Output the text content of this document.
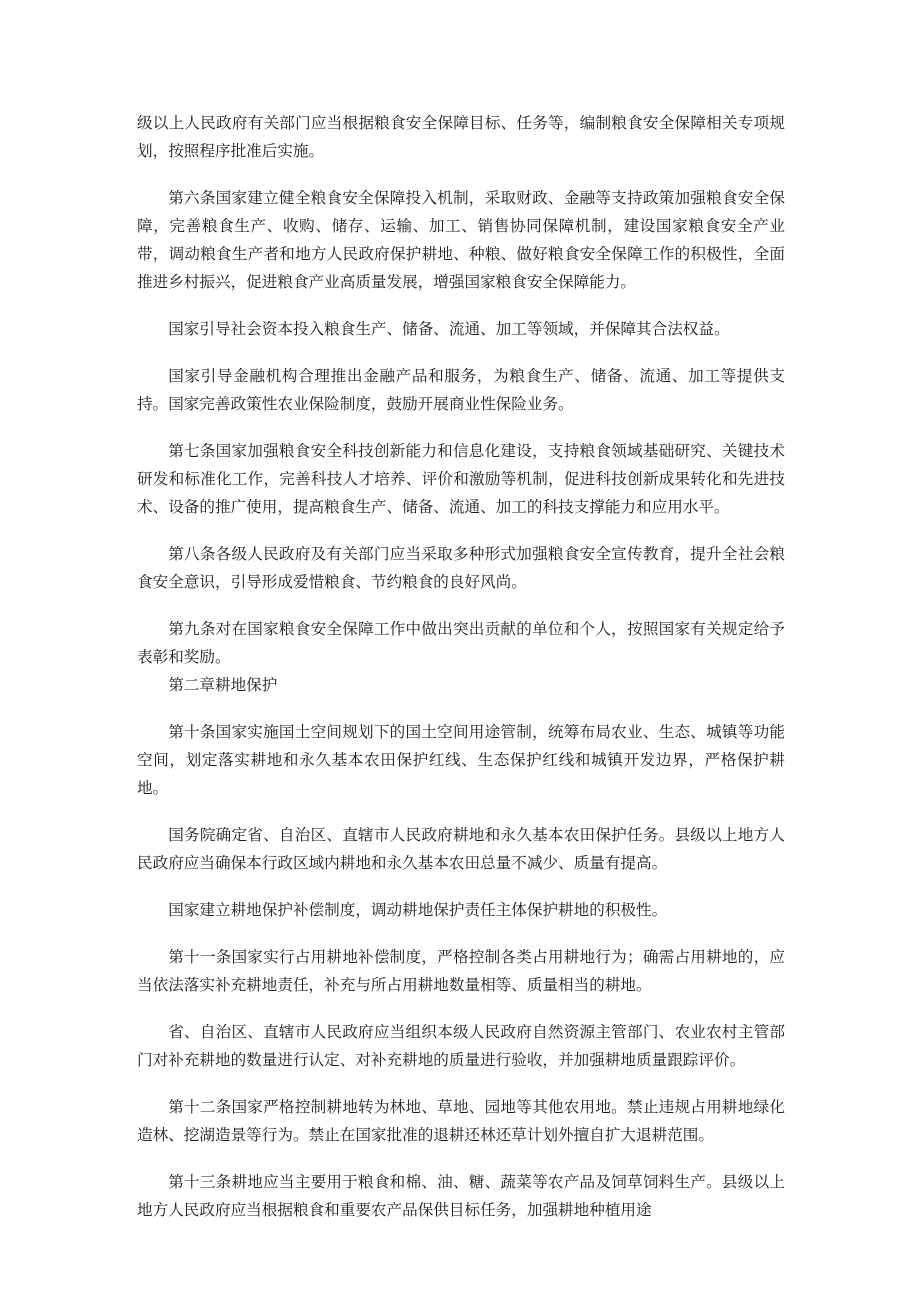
级以上人民政府有关部门应当根据粮食安全保障目标、任务等，编制粮食安全保障相关专项规划，按照程序批准后实施。

第六条国家建立健全粮食安全保障投入机制，采取财政、金融等支持政策加强粮食安全保障，完善粮食生产、收购、储存、运输、加工、销售协同保障机制，建设国家粮食安全产业带，调动粮食生产者和地方人民政府保护耕地、种粮、做好粮食安全保障工作的积极性，全面推进乡村振兴，促进粮食产业高质量发展，增强国家粮食安全保障能力。

国家引导社会资本投入粮食生产、储备、流通、加工等领域，并保障其合法权益。

国家引导金融机构合理推出金融产品和服务，为粮食生产、储备、流通、加工等提供支持。国家完善政策性农业保险制度，鼓励开展商业性保险业务。

第七条国家加强粮食安全科技创新能力和信息化建设，支持粮食领域基础研究、关键技术研发和标准化工作，完善科技人才培养、评价和激励等机制，促进科技创新成果转化和先进技术、设备的推广使用，提高粮食生产、储备、流通、加工的科技支撑能力和应用水平。

第八条各级人民政府及有关部门应当采取多种形式加强粮食安全宣传教育，提升全社会粮食安全意识，引导形成爱惜粮食、节约粮食的良好风尚。

第九条对在国家粮食安全保障工作中做出突出贡献的单位和个人，按照国家有关规定给予表彰和奖励。

第二章耕地保护

第十条国家实施国土空间规划下的国土空间用途管制，统筹布局农业、生态、城镇等功能空间，划定落实耕地和永久基本农田保护红线、生态保护红线和城镇开发边界，严格保护耕地。

国务院确定省、自治区、直辖市人民政府耕地和永久基本农田保护任务。县级以上地方人民政府应当确保本行政区域内耕地和永久基本农田总量不减少、质量有提高。

国家建立耕地保护补偿制度，调动耕地保护责任主体保护耕地的积极性。

第十一条国家实行占用耕地补偿制度，严格控制各类占用耕地行为；确需占用耕地的，应当依法落实补充耕地责任，补充与所占用耕地数量相等、质量相当的耕地。

省、自治区、直辖市人民政府应当组织本级人民政府自然资源主管部门、农业农村主管部门对补充耕地的数量进行认定、对补充耕地的质量进行验收，并加强耕地质量跟踪评价。

第十二条国家严格控制耕地转为林地、草地、园地等其他农用地。禁止违规占用耕地绿化造林、挖湖造景等行为。禁止在国家批准的退耕还林还草计划外擅自扩大退耕范围。

第十三条耕地应当主要用于粮食和棉、油、糖、蔬菜等农产品及饲草饲料生产。县级以上地方人民政府应当根据粮食和重要农产品保供目标任务，加强耕地种植用途
